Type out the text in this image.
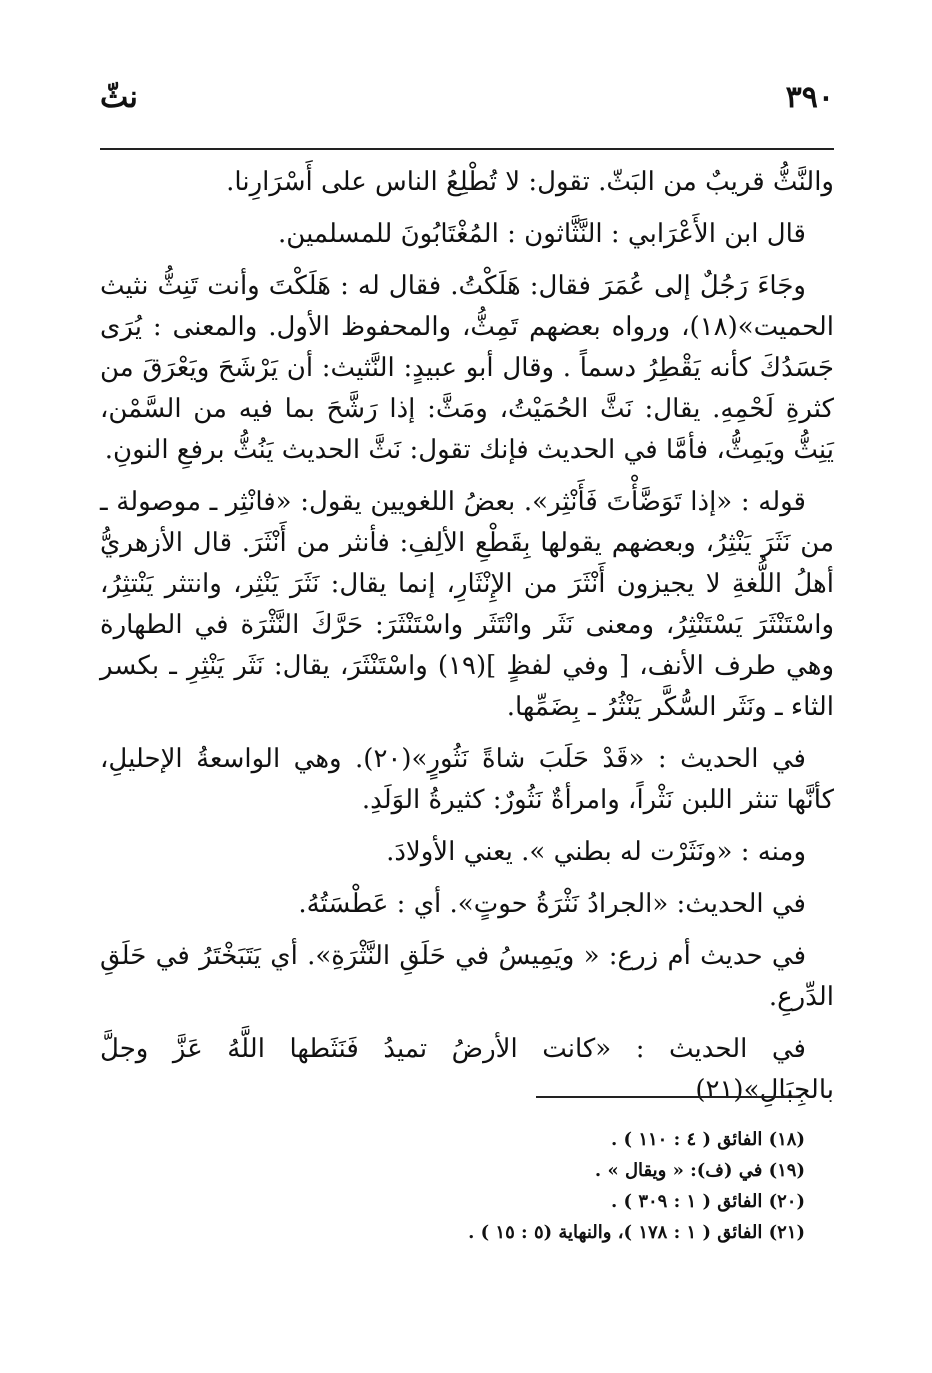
٣٩٠
نثّ

والنَّثُّ قريبٌ من البَثّ. تقول: لا تُطْلِعُ الناس على أَسْرَارِنا.

قال ابن الأَعْرَابي : النَّثَّاثون : المُغْتَابُونَ للمسلمين.

وجَاءَ رَجُلٌ إلى عُمَرَ فقال: هَلَكْتُ. فقال له : هَلَكْتَ وأنت تَنِثُّ نثيث الحميت»(١٨)، ورواه بعضهم تَمِثُّ، والمحفوظ الأول. والمعنى : يُرَى جَسَدُكَ كأنه يَقْطِرُ دسماً . وقال أبو عبيدٍ: النَّثيث: أن يَرْشَحَ ويَعْرَقَ من كثرةِ لَحْمِهِ. يقال: نَثَّ الحُمَيْتُ، ومَثَّ: إذا رَشَّحَ بما فيه من السَّمْن، يَنِثُّ ويَمِثُّ، فأمَّا في الحديث فإنك تقول: نَثَّ الحديث يَنُثُّ برفعِ النونِ.

قوله : «إذا تَوَضَّأْتَ فَأَنْثِر». بعضُ اللغويين يقول: «فانْثِر ـ موصولة ـ من نَثَرَ يَنْثِرُ، وبعضهم يقولها بِقَطْعِ الألِفِ: فأنثر من أَنْثَرَ. قال الأزهريُّ أهلُ اللُّغةِ لا يجيزون أَنْثَرَ من الإِنْثَارِ، إنما يقال: نَثَرَ يَنْثِر، وانتثر يَنْتثِرُ، واسْتَنْثَرَ يَسْتَنْثِرُ، ومعنى نَثَر وانْتَثَر واسْتَنْثَرَ: حَرَّكَ النَّثْرَة في الطهارة وهي طرف الأنف، [ وفي لفظٍ ](١٩) واسْتَنْثَرَ، يقال: نَثَر يَنْثِرِ ـ بكسر الثاء ـ ونَثَر السُّكَّر يَنْثُرُ ـ بِضَمِّها.

في الحديث : «قَدْ حَلَبَ شاةً نَثُورٍ»(٢٠). وهي الواسعةُ الإحليلِ، كأنَّها تنثر اللبن نَثْراً، وامرأةٌ نَثُورٌ: كثيرةُ الوَلَدِ.

ومنه : «ونَثَرْت له بطني ». يعني الأولادَ.

في الحديث: «الجرادُ نَثْرَةُ حوتٍ». أي : عَطْسَتُهُ.

في حديث أم زرع: « ويَمِيسُ في حَلَقِ النَّثْرَةِ». أي يَتَبَخْتَرُ في حَلَقِ الدِّرعِ.

في الحديث : «كانت الأرضُ تميدُ فَنَثَطها اللَّهُ عَزَّ وجلَّ بالجِبَالِ»(٢١)

(١٨) الفائق ( ٤ : ١١٠ ) .
(١٩) في (ف): « ويقال » .
(٢٠) الفائق ( ١ : ٣٠٩ ) .
(٢١) الفائق ( ١ : ١٧٨ )، والنهاية (٥ : ١٥ ) .
